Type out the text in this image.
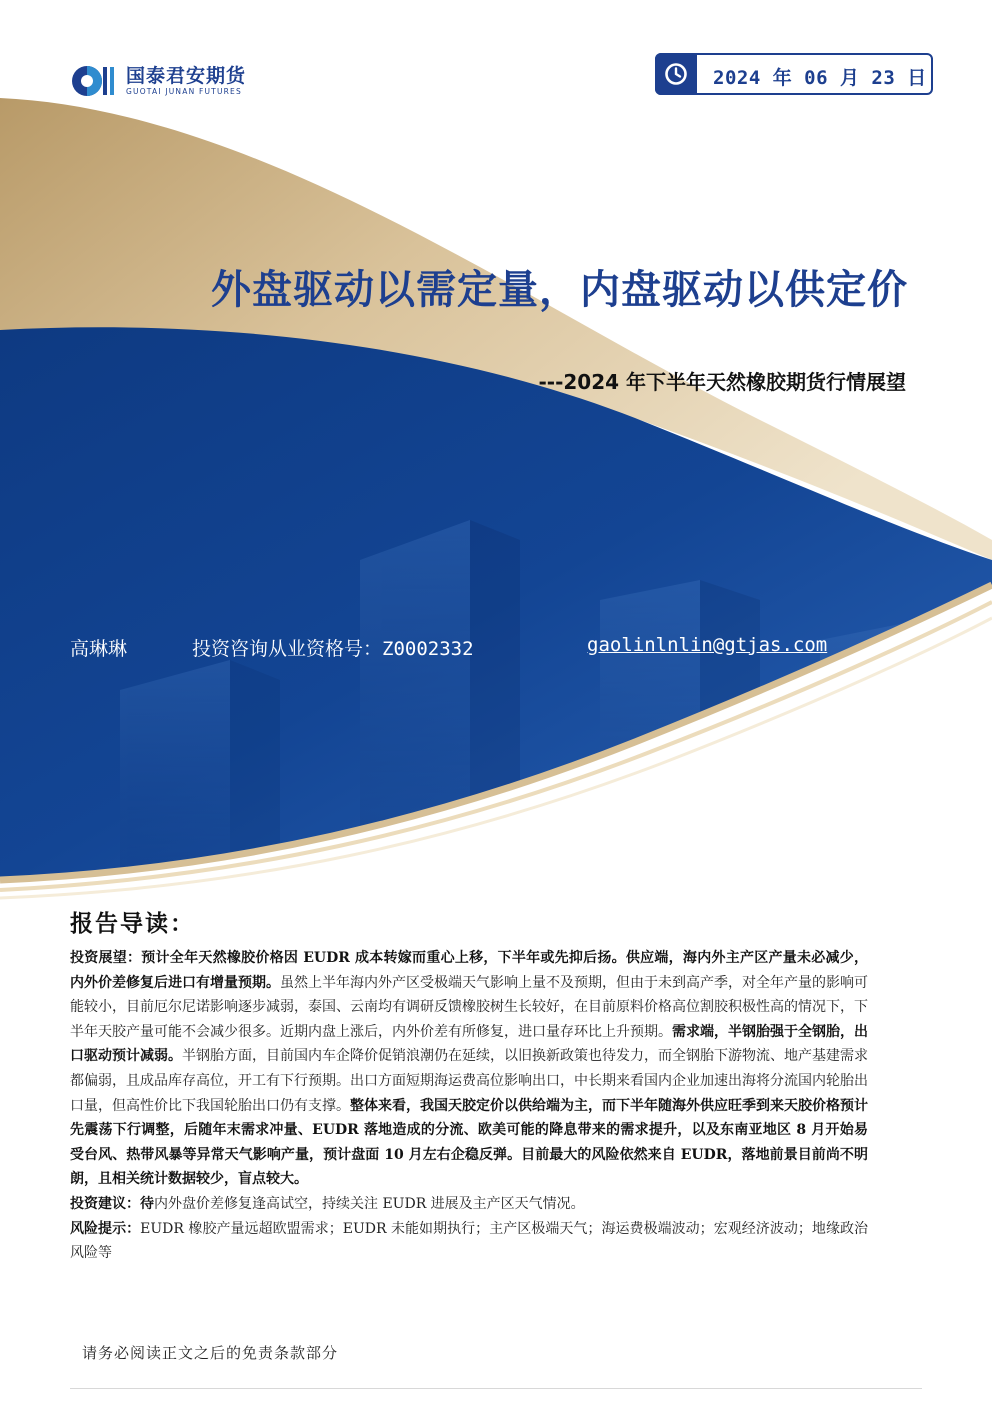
国泰君安期货
GUOTAI JUNAN FUTURES
2024 年 06 月 23 日
外盘驱动以需定量，内盘驱动以供定价
---2024 年下半年天然橡胶期货行情展望
高琳琳	投资咨询从业资格号：Z0002332	gaolinlnlin@gtjas.com
报告导读：

投资展望：预计全年天然橡胶价格因 EUDR 成本转嫁而重心上移，下半年或先抑后扬。供应端，海内外主产区产量未必减少，内外价差修复后进口有增量预期。虽然上半年海内外产区受极端天气影响上量不及预期，但由于未到高产季，对全年产量的影响可能较小，目前厄尔尼诺影响逐步减弱，泰国、云南均有调研反馈橡胶树生长较好，在目前原料价格高位割胶积极性高的情况下，下半年天胶产量可能不会减少很多。近期内盘上涨后，内外价差有所修复，进口量存环比上升预期。需求端，半钢胎强于全钢胎，出口驱动预计减弱。半钢胎方面，目前国内车企降价促销浪潮仍在延续，以旧换新政策也待发力，而全钢胎下游物流、地产基建需求都偏弱，且成品库存高位，开工有下行预期。出口方面短期海运费高位影响出口，中长期来看国内企业加速出海将分流国内轮胎出口量，但高性价比下我国轮胎出口仍有支撑。整体来看，我国天胶定价以供给端为主，而下半年随海外供应旺季到来天胶价格预计先震荡下行调整，后随年末需求冲量、EUDR 落地造成的分流、欧美可能的降息带来的需求提升，以及东南亚地区 8 月开始易受台风、热带风暴等异常天气影响产量，预计盘面 10 月左右企稳反弹。目前最大的风险依然来自 EUDR，落地前景目前尚不明朗，且相关统计数据较少，盲点较大。

投资建议：待内外盘价差修复逢高试空，持续关注 EUDR 进展及主产区天气情况。

风险提示：EUDR 橡胶产量远超欧盟需求；EUDR 未能如期执行；主产区极端天气；海运费极端波动；宏观经济波动；地缘政治风险等

请务必阅读正文之后的免责条款部分
